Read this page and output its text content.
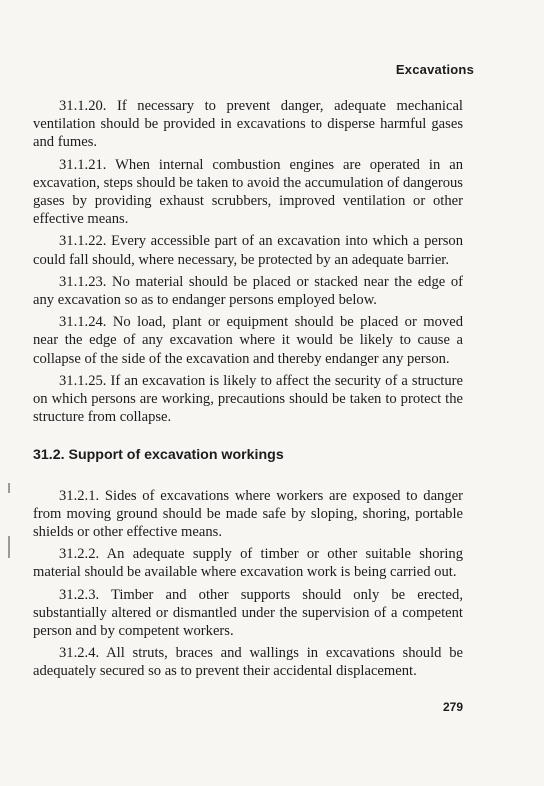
Excavations

31.1.20. If necessary to prevent danger, adequate mechanical ventilation should be provided in excavations to disperse harmful gases and fumes.

31.1.21. When internal combustion engines are operated in an excavation, steps should be taken to avoid the accumulation of dangerous gases by providing exhaust scrubbers, improved ventilation or other effective means.

31.1.22. Every accessible part of an excavation into which a person could fall should, where necessary, be protected by an adequate barrier.

31.1.23. No material should be placed or stacked near the edge of any excavation so as to endanger persons employed below.

31.1.24. No load, plant or equipment should be placed or moved near the edge of any excavation where it would be likely to cause a collapse of the side of the excavation and thereby endanger any person.

31.1.25. If an excavation is likely to affect the security of a structure on which persons are working, precautions should be taken to protect the structure from collapse.

31.2. Support of excavation workings

31.2.1. Sides of excavations where workers are exposed to danger from moving ground should be made safe by sloping, shoring, portable shields or other effective means.

31.2.2. An adequate supply of timber or other suitable shoring material should be available where excavation work is being carried out.

31.2.3. Timber and other supports should only be erected, substantially altered or dismantled under the supervision of a competent person and by competent workers.

31.2.4. All struts, braces and wallings in excavations should be adequately secured so as to prevent their accidental displacement.

279
